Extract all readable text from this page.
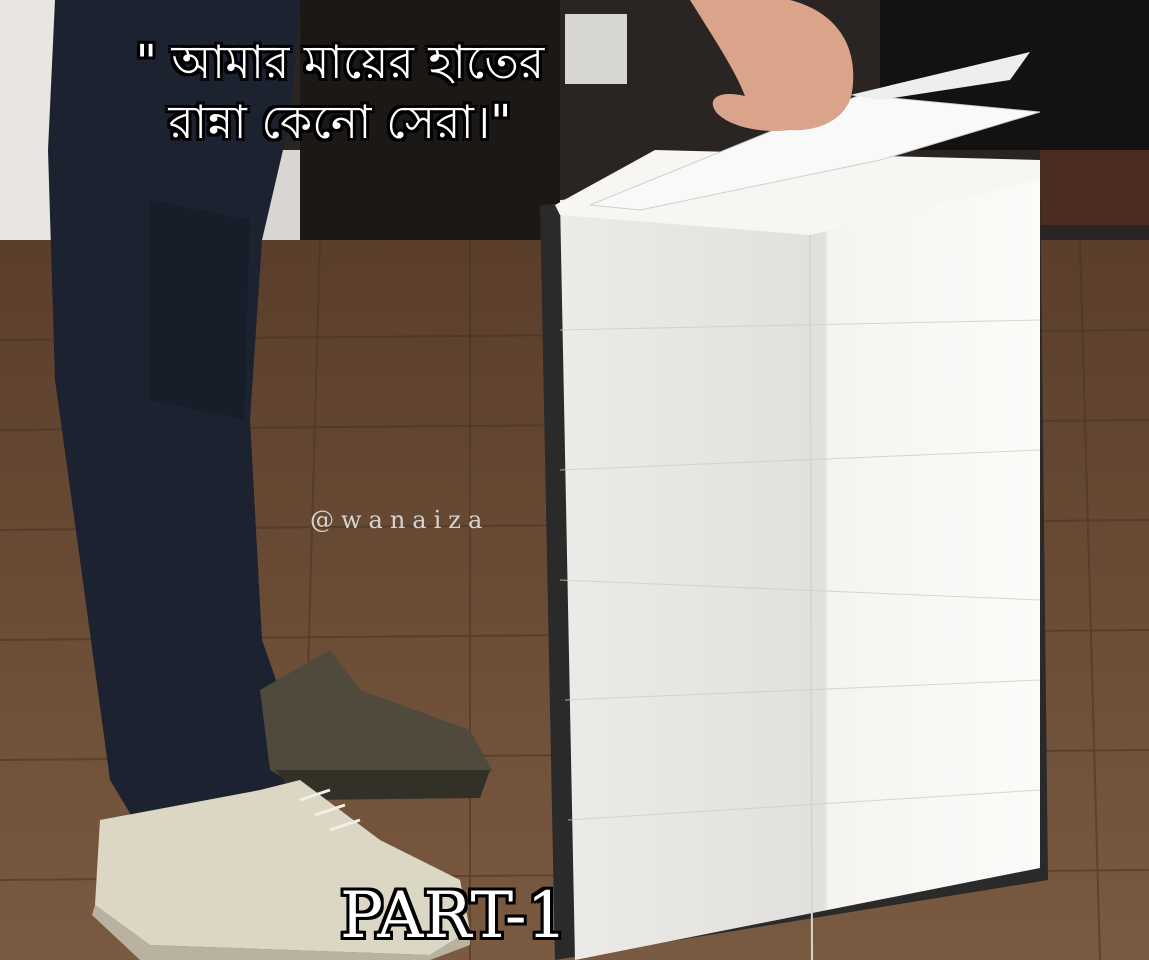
" আমার মায়ের হাতের
রান্না কেনো সেরা।"
@wanaiza
PART-1
